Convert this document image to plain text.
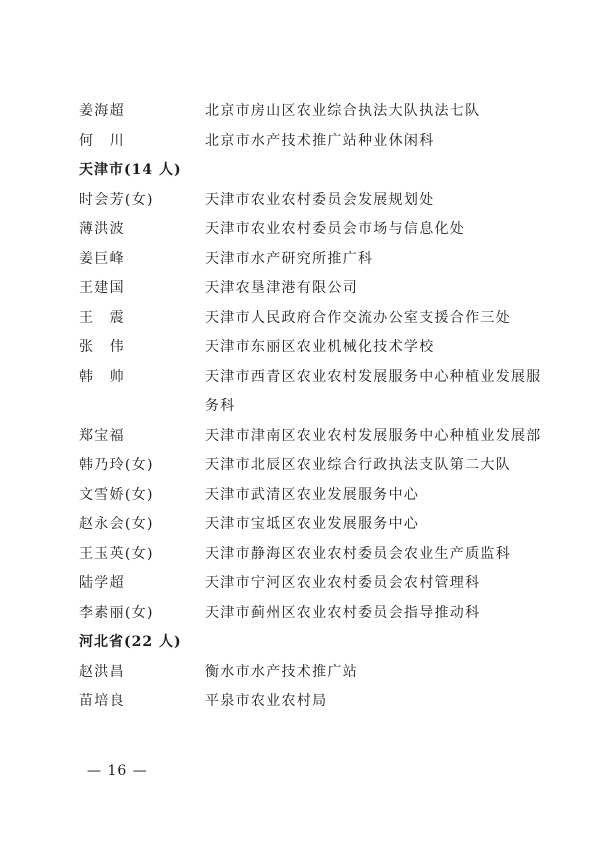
姜海超	北京市房山区农业综合执法大队执法七队
何　川	北京市水产技术推广站种业休闲科
天津市(14 人)
时会芳(女)	天津市农业农村委员会发展规划处
薄洪波	天津市农业农村委员会市场与信息化处
姜巨峰	天津市水产研究所推广科
王建国	天津农垦津港有限公司
王　震	天津市人民政府合作交流办公室支援合作三处
张　伟	天津市东丽区农业机械化技术学校
韩　帅	天津市西青区农业农村发展服务中心种植业发展服务科
郑宝福	天津市津南区农业农村发展服务中心种植业发展部
韩乃玲(女)	天津市北辰区农业综合行政执法支队第二大队
文雪娇(女)	天津市武清区农业发展服务中心
赵永会(女)	天津市宝坻区农业发展服务中心
王玉英(女)	天津市静海区农业农村委员会农业生产质监科
陆学超	天津市宁河区农业农村委员会农村管理科
李素丽(女)	天津市蓟州区农业农村委员会指导推动科
河北省(22 人)
赵洪昌	衡水市水产技术推广站
苗培良	平泉市农业农村局
— 16 —
